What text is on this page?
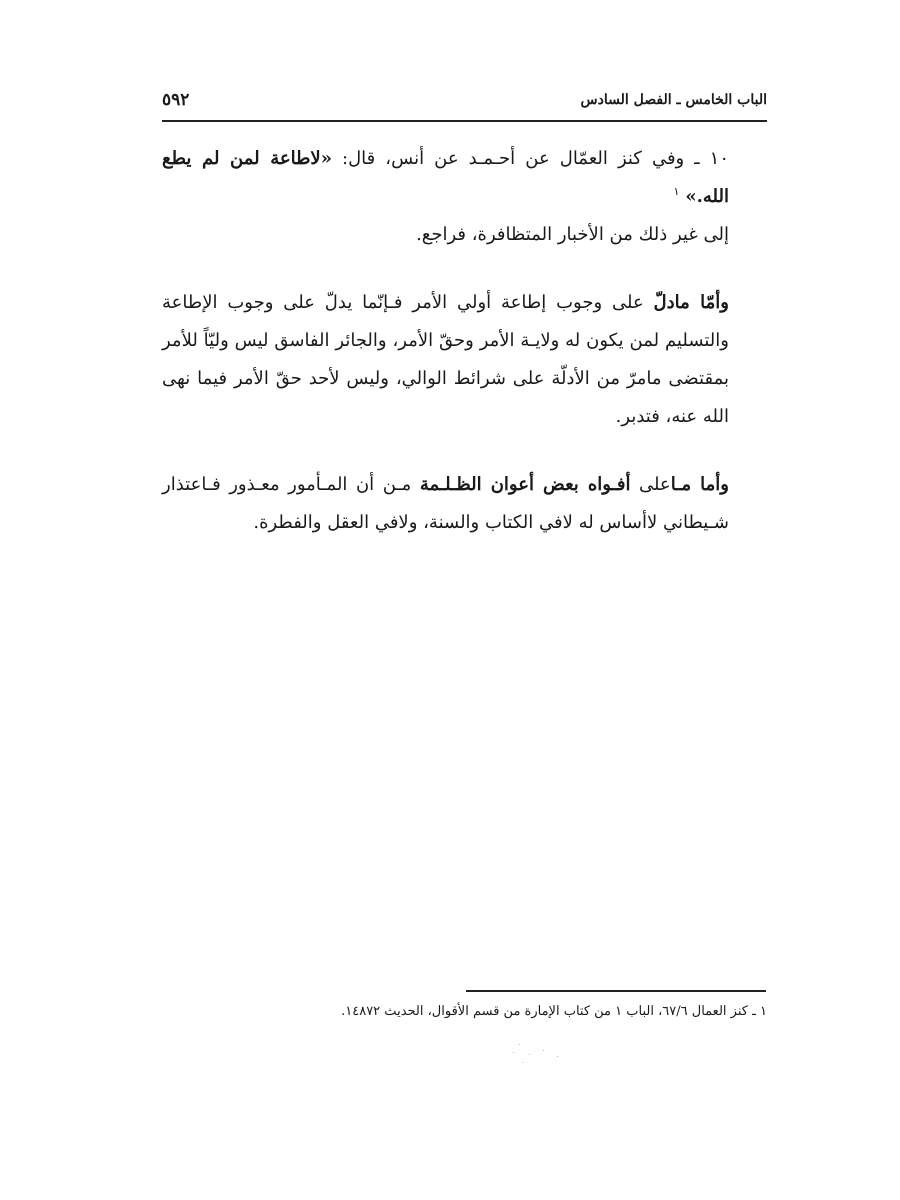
٥٩٢	الباب الخامس ـ الفصل السادس

١٠ ـ وفي كنز العمّال عن أحـمـد عن أنس، قال: «لاطاعة لمن لم يطع الله.»$^١$
إلى غير ذلك من الأخبار المتظافرة، فراجع.

وأمّا مادلّ على وجوب إطاعة أولي الأمر فـإنّما يدلّ على وجوب الإطاعة والتسليم لمن يكون له ولايـة الأمر وحقّ الأمر، والجائر الفاسق ليس وليّاً للأمر بمقتضى مامرّ من الأدلّة على شرائط الوالي، وليس لأحد حقّ الأمر فيما نهى الله عنه، فتدبر.

وأما مـاعلى أفـواه بعض أعوان الظـلـمة مـن أن المـأمور معـذور فـاعتذار شـيطاني لاأساس له لافي الكتاب والسنة، ولافي العقل والفطرة.

١ ـ كنز العمال ٦٧/٦، الباب ١ من كتاب الإمارة من قسم الأقوال، الحديث ١٤٨٧٢.
